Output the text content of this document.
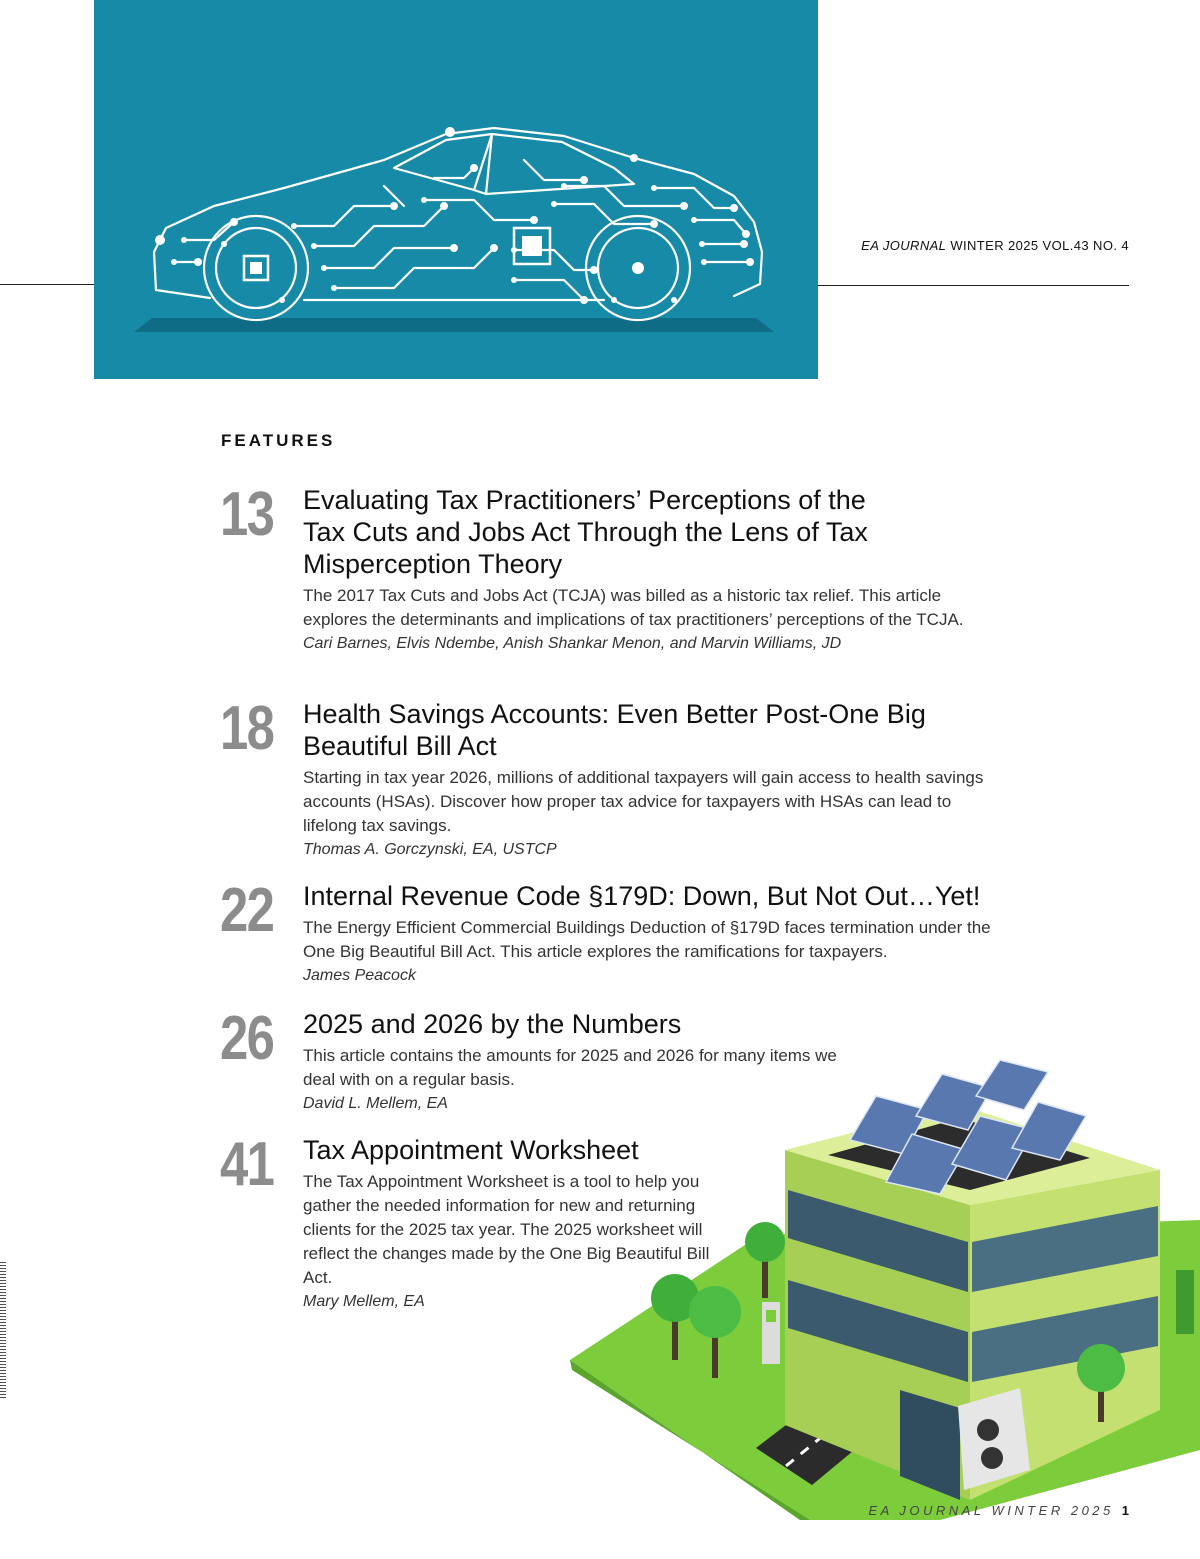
EA JOURNAL WINTER 2025 VOL.43 NO. 4
FEATURES
13	Evaluating Tax Practitioners’ Perceptions of the Tax Cuts and Jobs Act Through the Lens of Tax Misperception Theory

The 2017 Tax Cuts and Jobs Act (TCJA) was billed as a historic tax relief. This article explores the determinants and implications of tax practitioners’ perceptions of the TCJA.

Cari Barnes, Elvis Ndembe, Anish Shankar Menon, and Marvin Williams, JD

18	Health Savings Accounts: Even Better Post-One Big Beautiful Bill Act

Starting in tax year 2026, millions of additional taxpayers will gain access to health savings accounts (HSAs). Discover how proper tax advice for taxpayers with HSAs can lead to lifelong tax savings.

Thomas A. Gorczynski, EA, USTCP

22	Internal Revenue Code §179D: Down, But Not Out…Yet!

The Energy Efficient Commercial Buildings Deduction of §179D faces termination under the One Big Beautiful Bill Act. This article explores the ramifications for taxpayers.

James Peacock

26	2025 and 2026 by the Numbers

This article contains the amounts for 2025 and 2026 for many items we deal with on a regular basis.

David L. Mellem, EA

41	Tax Appointment Worksheet

The Tax Appointment Worksheet is a tool to help you gather the needed information for new and returning clients for the 2025 tax year. The 2025 worksheet will reflect the changes made by the One Big Beautiful Bill Act.

Mary Mellem, EA

EA JOURNAL WINTER 2025 1
